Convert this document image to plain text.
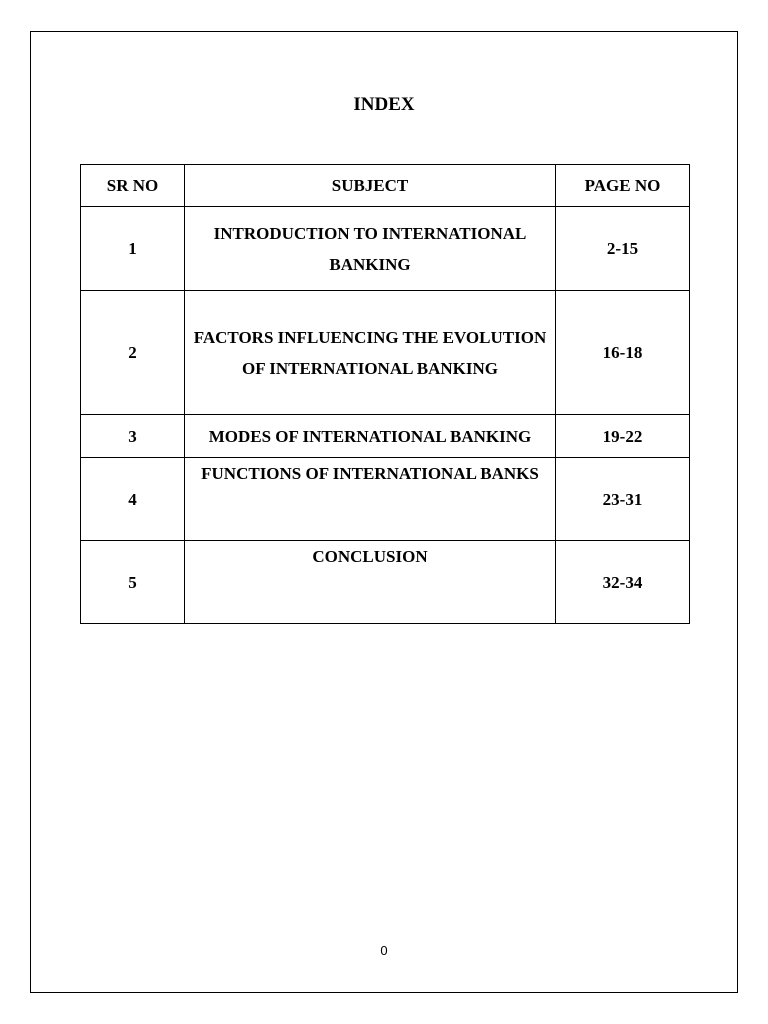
INDEX
SR NO	SUBJECT	PAGE NO
1	INTRODUCTION TO INTERNATIONAL BANKING	2-15
2	FACTORS INFLUENCING THE EVOLUTION OF INTERNATIONAL BANKING	16-18
3	MODES OF INTERNATIONAL BANKING	19-22
4	FUNCTIONS OF INTERNATIONAL BANKS	23-31
5	CONCLUSION	32-34
0
